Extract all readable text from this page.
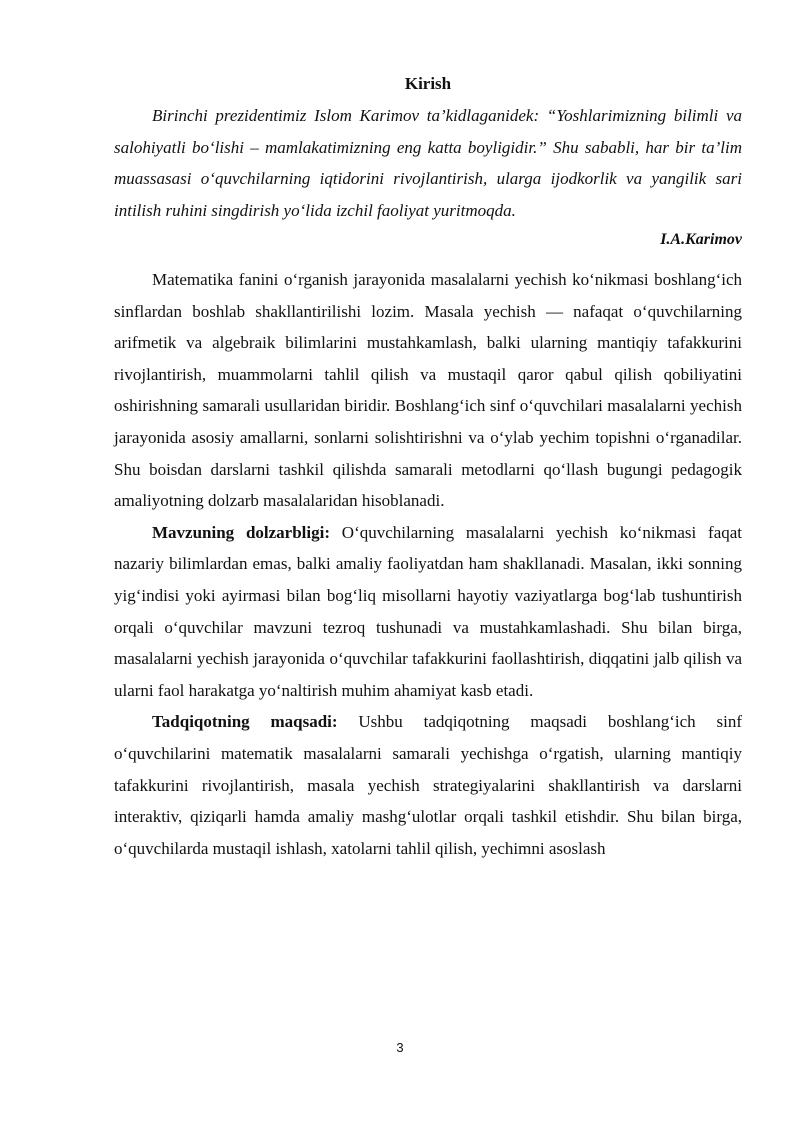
Kirish

Birinchi prezidentimiz Islom Karimov ta’kidlaganidek: “Yoshlarimizning bilimli va salohiyatli bo‘lishi – mamlakatimizning eng katta boyligidir.” Shu sababli, har bir ta’lim muassasasi o‘quvchilarning iqtidorini rivojlantirish, ularga ijodkorlik va yangilik sari intilish ruhini singdirish yo‘lida izchil faoliyat yuritmoqda.

I.A.Karimov

Matematika fanini o‘rganish jarayonida masalalarni yechish ko‘nikmasi boshlang‘ich sinflardan boshlab shakllantirilishi lozim. Masala yechish — nafaqat o‘quvchilarning arifmetik va algebraik bilimlarini mustahkamlash, balki ularning mantiqiy tafakkurini rivojlantirish, muammolarni tahlil qilish va mustaqil qaror qabul qilish qobiliyatini oshirishning samarali usullaridan biridir. Boshlang‘ich sinf o‘quvchilari masalalarni yechish jarayonida asosiy amallarni, sonlarni solishtirishni va o‘ylab yechim topishni o‘rganadilar. Shu boisdan darslarni tashkil qilishda samarali metodlarni qo‘llash bugungi pedagogik amaliyotning dolzarb masalalaridan hisoblanadi.

Mavzuning dolzarbligi: O‘quvchilarning masalalarni yechish ko‘nikmasi faqat nazariy bilimlardan emas, balki amaliy faoliyatdan ham shakllanadi. Masalan, ikki sonning yig‘indisi yoki ayirmasi bilan bog‘liq misollarni hayotiy vaziyatlarga bog‘lab tushuntirish orqali o‘quvchilar mavzuni tezroq tushunadi va mustahkamlashadi. Shu bilan birga, masalalarni yechish jarayonida o‘quvchilar tafakkurini faollashtirish, diqqatini jalb qilish va ularni faol harakatga yo‘naltirish muhim ahamiyat kasb etadi.

Tadqiqotning maqsadi: Ushbu tadqiqotning maqsadi boshlang‘ich sinf o‘quvchilarini matematik masalalarni samarali yechishga o‘rgatish, ularning mantiqiy tafakkurini rivojlantirish, masala yechish strategiyalarini shakllantirish va darslarni interaktiv, qiziqarli hamda amaliy mashg‘ulotlar orqali tashkil etishdir. Shu bilan birga, o‘quvchilarda mustaqil ishlash, xatolarni tahlil qilish, yechimni asoslash

3
